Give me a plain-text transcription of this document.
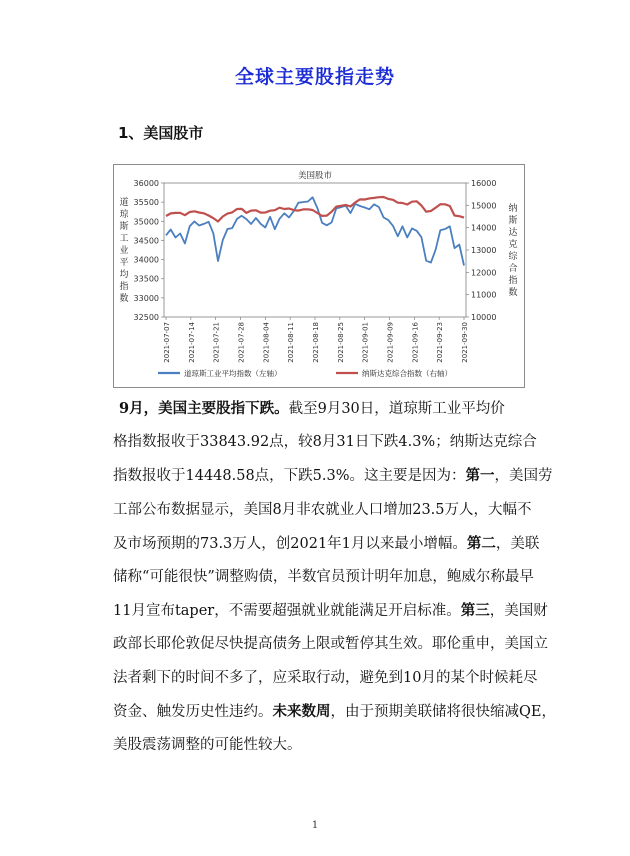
全球主要股指走势
1、美国股市
美国股市
32500
33000
33500
34000
34500
35000
35500
36000
10000
11000
12000
13000
14000
15000
16000
道琼斯工业平均指数
纳斯达克综合指数
2021-07-07 2021-07-14 2021-07-21 2021-07-28 2021-08-04 2021-08-11 2021-08-18 2021-08-25 2021-09-01 2021-09-09 2021-09-16 2021-09-23 2021-09-30
道琼斯工业平均指数（左轴）	纳斯达克综合指数（右轴）
9月，美国主要股指下跌。截至9月30日，道琼斯工业平均价
格指数报收于33843.92点，较8月31日下跌4.3%；纳斯达克综合
指数报收于14448.58点，下跌5.3%。这主要是因为：第一，美国劳
工部公布数据显示，美国8月非农就业人口增加23.5万人，大幅不
及市场预期的73.3万人，创2021年1月以来最小增幅。第二，美联
储称“可能很快”调整购债，半数官员预计明年加息，鲍威尔称最早
11月宣布taper，不需要超强就业就能满足开启标准。第三，美国财
政部长耶伦敦促尽快提高债务上限或暂停其生效。耶伦重申，美国立
法者剩下的时间不多了，应采取行动，避免到10月的某个时候耗尽
资金、触发历史性违约。未来数周，由于预期美联储将很快缩减QE，
美股震荡调整的可能性较大。
1
